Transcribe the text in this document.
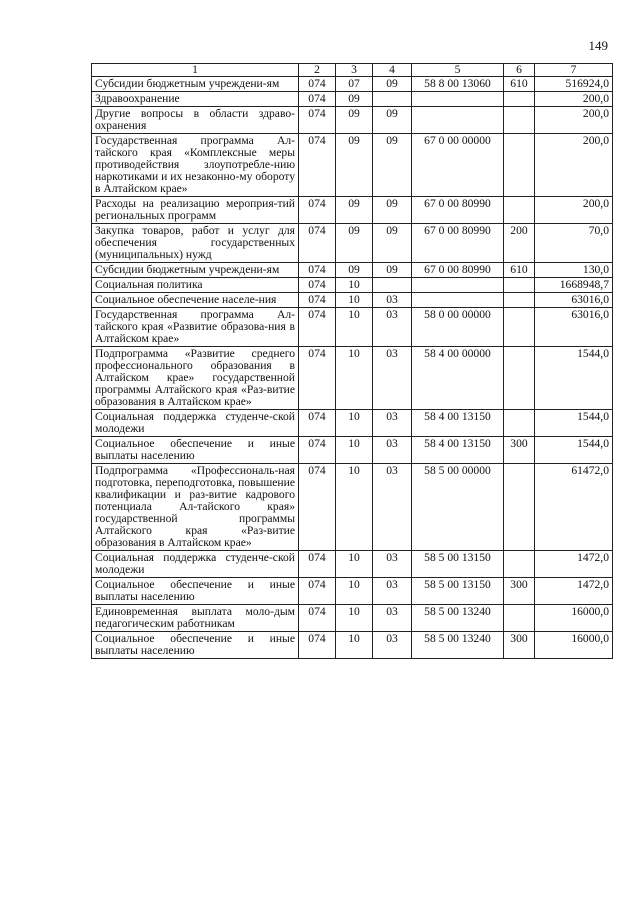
149
1	2	3	4	5	6	7
Субсидии бюджетным учреждени-ям	074	07	09	58 8 00 13060	610	516924,0
Здравоохранение	074	09				200,0
Другие вопросы в области здраво-охранения	074	09	09			200,0
Государственная программа Ал-тайского края «Комплексные меры противодействия злоупотребле-нию наркотиками и их незаконно-му обороту в Алтайском крае»	074	09	09	67 0 00 00000		200,0
Расходы на реализацию мероприя-тий региональных программ	074	09	09	67 0 00 80990		200,0
Закупка товаров, работ и услуг для обеспечения государственных (муниципальных) нужд	074	09	09	67 0 00 80990	200	70,0
Субсидии бюджетным учреждени-ям	074	09	09	67 0 00 80990	610	130,0
Социальная политика	074	10				1668948,7
Социальное обеспечение населе-ния	074	10	03			63016,0
Государственная программа Ал-тайского края «Развитие образова-ния в Алтайском крае»	074	10	03	58 0 00 00000		63016,0
Подпрограмма «Развитие среднего профессионального образования в Алтайском крае» государственной программы Алтайского края «Раз-витие образования в Алтайском крае»	074	10	03	58 4 00 00000		1544,0
Социальная поддержка студенче-ской молодежи	074	10	03	58 4 00 13150		1544,0
Социальное обеспечение и иные выплаты населению	074	10	03	58 4 00 13150	300	1544,0
Подпрограмма «Профессиональ-ная подготовка, переподготовка, повышение квалификации и раз-витие кадрового потенциала Ал-тайского края» государственной программы Алтайского края «Раз-витие образования в Алтайском крае»	074	10	03	58 5 00 00000		61472,0
Социальная поддержка студенче-ской молодежи	074	10	03	58 5 00 13150		1472,0
Социальное обеспечение и иные выплаты населению	074	10	03	58 5 00 13150	300	1472,0
Единовременная выплата моло-дым педагогическим работникам	074	10	03	58 5 00 13240		16000,0
Социальное обеспечение и иные выплаты населению	074	10	03	58 5 00 13240	300	16000,0
